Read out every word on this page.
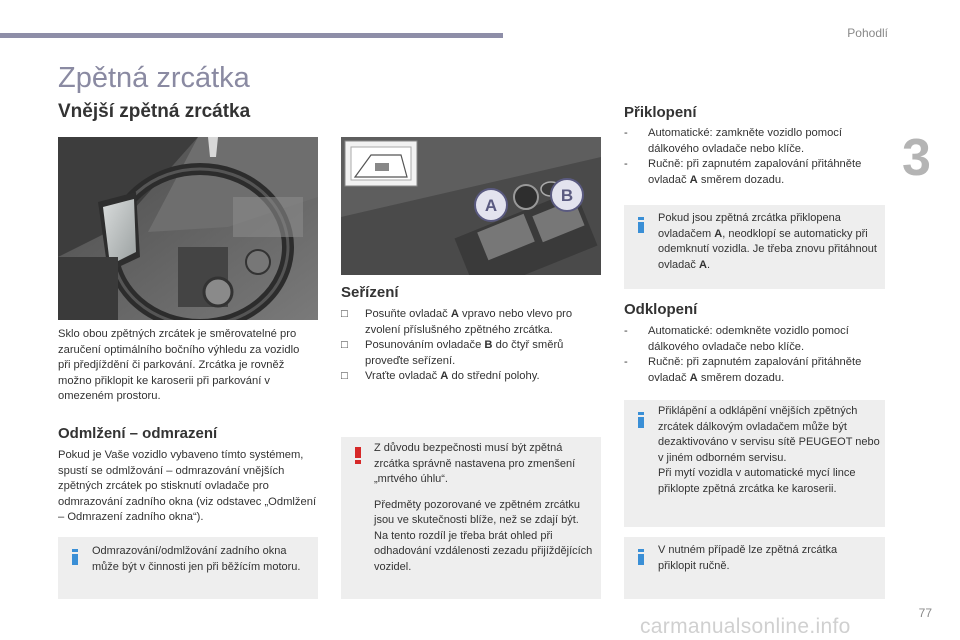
Pohodlí
3
Zpětná zrcátka
Vnější zpětná zrcátka
A
B

Sklo obou zpětných zrcátek je směrovatelné pro zaručení optimálního bočního výhledu za vozidlo při předjíždění či parkování. Zrcátka je rovněž možno přiklopit ke karoserii při parkování v omezeném prostoru.

Odmlžení – odmrazení

Pokud je Vaše vozidlo vybaveno tímto systémem, spustí se odmlžování – odmrazování vnějších zpětných zrcátek po stisknutí ovladače pro odmrazování zadního okna (viz odstavec „Odmlžení – Odmrazení zadního okna“).

Odmrazování/odmlžování zadního okna může být v činnosti jen při běžícím motoru.
Seřízení
□ Posuňte ovladač A vpravo nebo vlevo pro zvolení příslušného zpětného zrcátka.
□ Posunováním ovladače B do čtyř směrů proveďte seřízení.
□ Vraťte ovladač A do střední polohy.
Z důvodu bezpečnosti musí být zpětná zrcátka správně nastavena pro zmenšení „mrtvého úhlu“.
Předměty pozorované ve zpětném zrcátku jsou ve skutečnosti blíže, než se zdají být.
Na tento rozdíl je třeba brát ohled při odhadování vzdálenosti zezadu přijíždějících vozidel.
Přiklopení
- Automatické: zamkněte vozidlo pomocí dálkového ovladače nebo klíče.
- Ručně: při zapnutém zapalování přitáhněte ovladač A směrem dozadu.
Pokud jsou zpětná zrcátka přiklopena ovladačem A, neodklopí se automaticky při odemknutí vozidla. Je třeba znovu přitáhnout ovladač A.
Odklopení
- Automatické: odemkněte vozidlo pomocí dálkového ovladače nebo klíče.
- Ručně: při zapnutém zapalování přitáhněte ovladač A směrem dozadu.
Přiklápění a odklápění vnějších zpětných zrcátek dálkovým ovladačem může být dezaktivováno v servisu sítě PEUGEOT nebo v jiném odborném servisu.
Při mytí vozidla v automatické mycí lince přiklopte zpětná zrcátka ke karoserii.
V nutném případě lze zpětná zrcátka přiklopit ručně.
77
carmanualsonline.info
